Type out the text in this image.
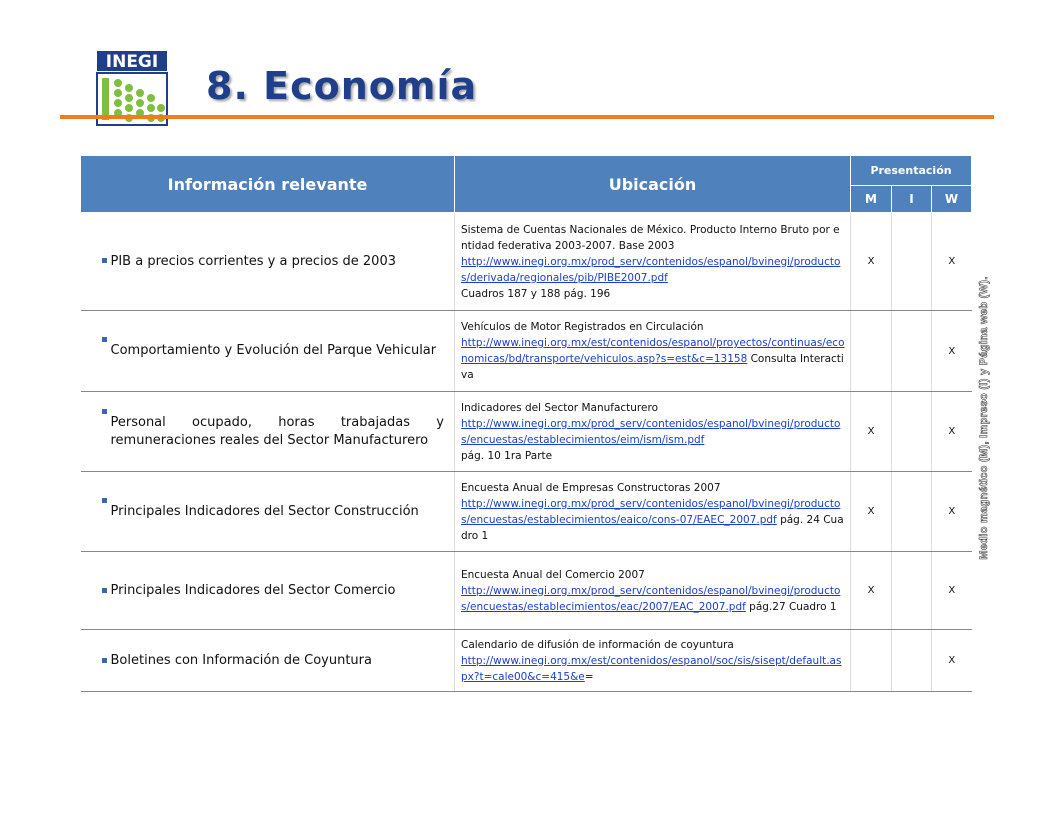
INEGI
8. Economía
Medio magnético (M), Impreso (I) y Página web (W).
Información relevante	Ubicación	Presentación		
		M	I	W

PIB a precios corrientes y a precios de 2003	Sistema de Cuentas Nacionales de México. Producto Interno Bruto por entidad federativa 2003-2007. Base 2003
http://www.inegi.org.mx/prod_serv/contenidos/espanol/bvinegi/productos/derivada/regionales/pib/PIBE2007.pdf
Cuadros 187 y 188 pág. 196	X		X

Comportamiento y Evolución del Parque Vehicular	Vehículos de Motor Registrados en Circulación
http://www.inegi.org.mx/est/contenidos/espanol/proyectos/continuas/economicas/bd/transporte/vehiculos.asp?s=est&c=13158 Consulta Interactiva			X

Personal ocupado, horas trabajadas y remuneraciones reales del Sector Manufacturero	Indicadores del Sector Manufacturero
http://www.inegi.org.mx/prod_serv/contenidos/espanol/bvinegi/productos/encuestas/establecimientos/eim/ism/ism.pdf
pág. 10 1ra Parte	X		X

Principales Indicadores del Sector Construcción	Encuesta Anual de Empresas Constructoras 2007
http://www.inegi.org.mx/prod_serv/contenidos/espanol/bvinegi/productos/encuestas/establecimientos/eaico/cons-07/EAEC_2007.pdf pág. 24 Cuadro 1	X		X

Principales Indicadores del Sector Comercio	Encuesta Anual del Comercio 2007
http://www.inegi.org.mx/prod_serv/contenidos/espanol/bvinegi/productos/encuestas/establecimientos/eac/2007/EAC_2007.pdf pág.27 Cuadro 1	X		X

Boletines con Información de Coyuntura	Calendario de difusión de información de coyuntura
http://www.inegi.org.mx/est/contenidos/espanol/soc/sis/sisept/default.aspx?t=cale00&c=415&e=			X
